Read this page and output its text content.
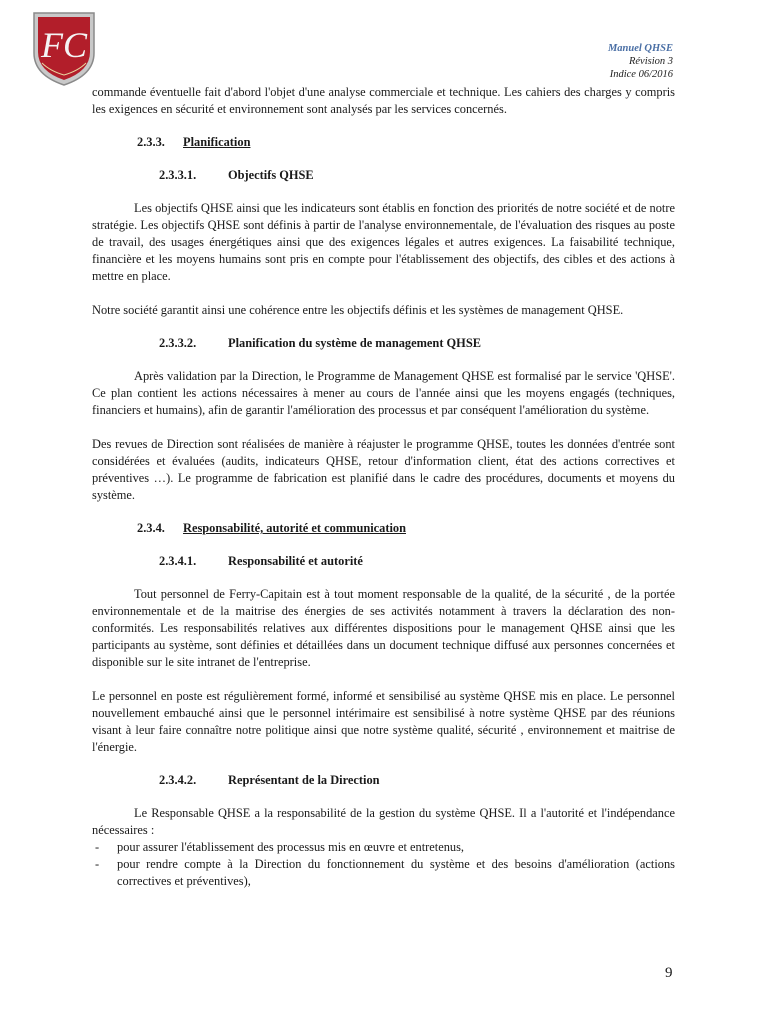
FC	Manuel QHSE
Révision 3
Indice 06/2016

commande éventuelle fait d'abord l'objet d'une analyse commerciale et technique. Les cahiers des charges y compris les exigences en sécurité et environnement sont analysés par les services concernés.

2.3.3. Planification
2.3.3.1.	Objectifs QHSE

Les objectifs QHSE ainsi que les indicateurs sont établis en fonction des priorités de notre société et de notre stratégie. Les objectifs QHSE sont définis à partir de l'analyse environnementale, de l'évaluation des risques au poste de travail, des usages énergétiques ainsi que des exigences légales et autres exigences. La faisabilité technique, financière et les moyens humains sont pris en compte pour l'établissement des objectifs, des cibles et des actions à mettre en place.

Notre société garantit ainsi une cohérence entre les objectifs définis et les systèmes de management QHSE.

2.3.3.2.	Planification du système de management QHSE

Après validation par la Direction, le Programme de Management QHSE est formalisé par le service 'QHSE'. Ce plan contient les actions nécessaires à mener au cours de l'année ainsi que les moyens engagés (techniques, financiers et humains), afin de garantir l'amélioration des processus et par conséquent l'amélioration du système.

Des revues de Direction sont réalisées de manière à réajuster le programme QHSE, toutes les données d'entrée sont considérées et évaluées (audits, indicateurs QHSE, retour d'information client, état des actions correctives et préventives …). Le programme de fabrication est planifié dans le cadre des procédures, documents et moyens du système.

2.3.4. Responsabilité, autorité et communication
2.3.4.1.	Responsabilité et autorité

Tout personnel de Ferry-Capitain est à tout moment responsable de la qualité, de la sécurité , de la portée environnementale et de la maitrise des énergies de ses activités notamment à travers la déclaration des non-conformités. Les responsabilités relatives aux différentes dispositions pour le management QHSE ainsi que les participants au système, sont définies et détaillées dans un document technique diffusé aux personnes concernées et disponible sur le site intranet de l'entreprise.

Le personnel en poste est régulièrement formé, informé et sensibilisé au système QHSE mis en place. Le personnel nouvellement embauché ainsi que le personnel intérimaire est sensibilisé à notre système QHSE par des réunions visant à leur faire connaître notre politique ainsi que notre système qualité, sécurité , environnement et maitrise de l'énergie.

2.3.4.2.	Représentant de la Direction

Le Responsable QHSE a la responsabilité de la gestion du système QHSE. Il a l'autorité et l'indépendance nécessaires :

- pour assurer l'établissement des processus mis en œuvre et entretenus,
- pour rendre compte à la Direction du fonctionnement du système et des besoins d'amélioration (actions correctives et préventives),
9
